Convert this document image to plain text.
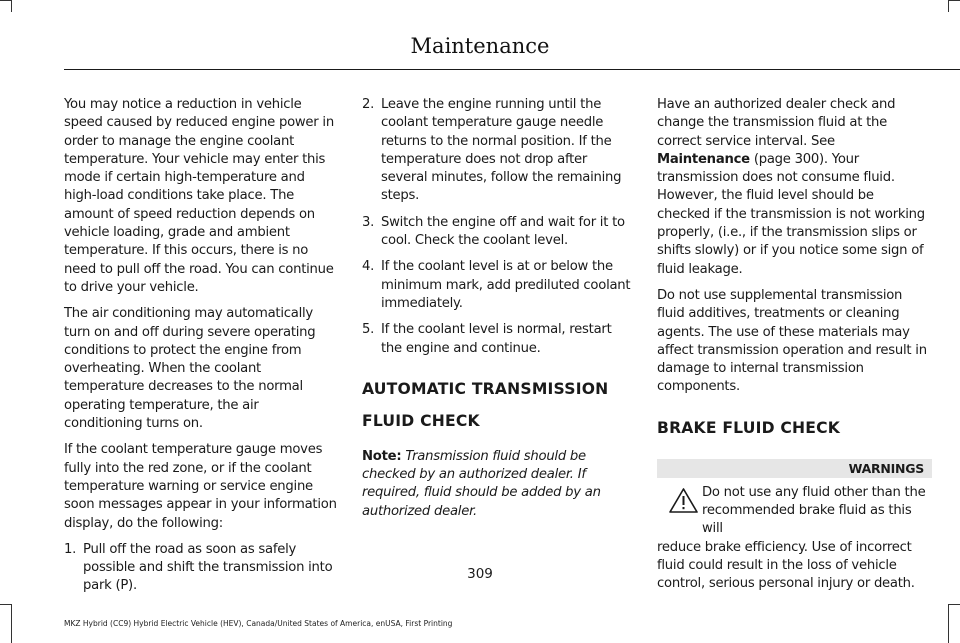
Maintenance

You may notice a reduction in vehicle speed caused by reduced engine power in order to manage the engine coolant temperature. Your vehicle may enter this mode if certain high-temperature and high-load conditions take place. The amount of speed reduction depends on vehicle loading, grade and ambient temperature. If this occurs, there is no need to pull off the road. You can continue to drive your vehicle.

The air conditioning may automatically turn on and off during severe operating conditions to protect the engine from overheating. When the coolant temperature decreases to the normal operating temperature, the air conditioning turns on.

If the coolant temperature gauge moves fully into the red zone, or if the coolant temperature warning or service engine soon messages appear in your information display, do the following:

1. Pull off the road as soon as safely possible and shift the transmission into park (P).
2. Leave the engine running until the coolant temperature gauge needle returns to the normal position. If the temperature does not drop after several minutes, follow the remaining steps.
3. Switch the engine off and wait for it to cool. Check the coolant level.
4. If the coolant level is at or below the minimum mark, add prediluted coolant immediately.
5. If the coolant level is normal, restart the engine and continue.
AUTOMATIC TRANSMISSION
FLUID CHECK

Note: Transmission fluid should be checked by an authorized dealer. If required, fluid should be added by an authorized dealer.

Have an authorized dealer check and change the transmission fluid at the correct service interval. See Maintenance (page 300). Your transmission does not consume fluid. However, the fluid level should be checked if the transmission is not working properly, (i.e., if the transmission slips or shifts slowly) or if you notice some sign of fluid leakage.

Do not use supplemental transmission fluid additives, treatments or cleaning agents. The use of these materials may affect transmission operation and result in damage to internal transmission components.

BRAKE FLUID CHECK
WARNINGS
Do not use any fluid other than the recommended brake fluid as this will
reduce brake efficiency. Use of incorrect fluid could result in the loss of vehicle control, serious personal injury or death.
309
MKZ Hybrid (CC9) Hybrid Electric Vehicle (HEV), Canada/United States of America, enUSA, First Printing
